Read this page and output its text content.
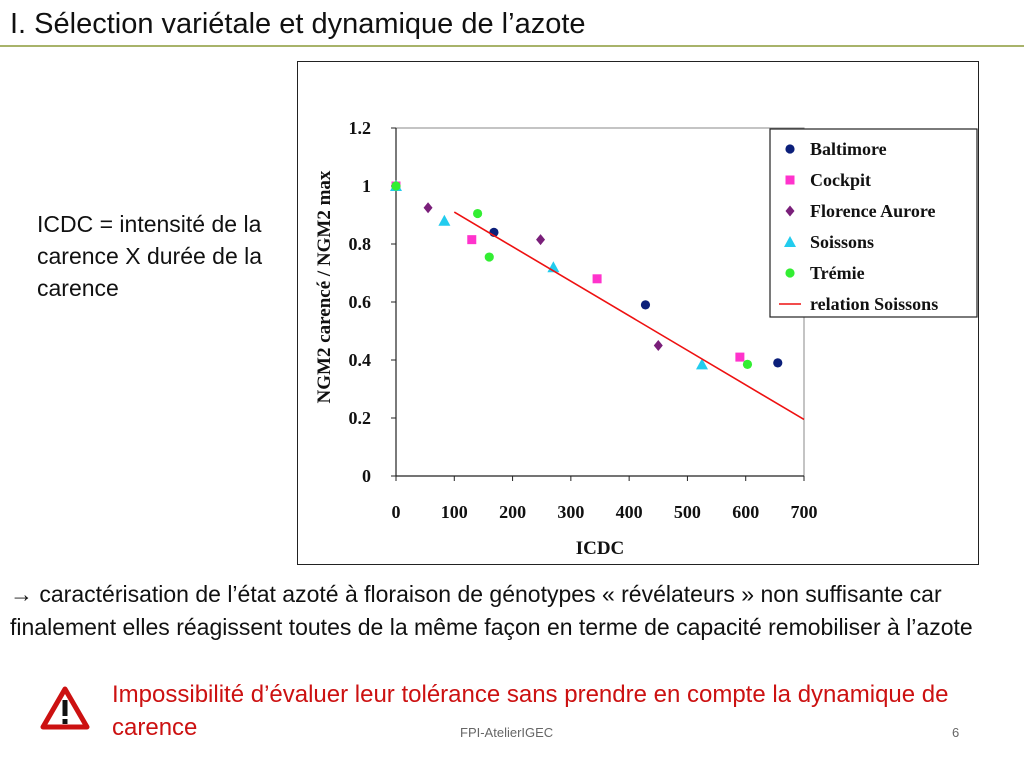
I. Sélection variétale et dynamique de l’azote
ICDC = intensité de la carence X durée de la carence
0
0.2
0.4
0.6
0.8
1
1.2
0 100 200 300 400 500 600 700
ICDC
NGM2 carencé / NGM2 max
Baltimore
Cockpit
Florence Aurore
Soissons
Trémie
relation Soissons
→ caractérisation de l’état azoté à floraison de génotypes « révélateurs » non suffisante car finalement elles réagissent toutes de la même façon en terme de capacité remobiliser à l’azote
Impossibilité d’évaluer leur tolérance sans prendre en compte la dynamique de carence	FPI-AtelierIGEC	6
